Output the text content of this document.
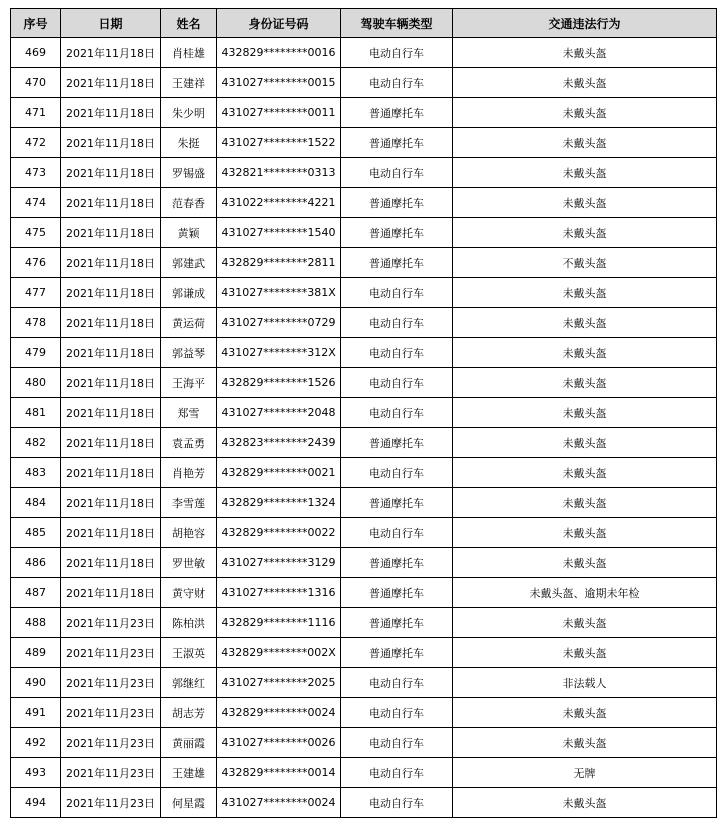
序号	日期	姓名	身份证号码	驾驶车辆类型	交通违法行为
469	2021年11月18日	肖桂雄	432829********0016	电动自行车	未戴头盔
470	2021年11月18日	王建祥	431027********0015	电动自行车	未戴头盔
471	2021年11月18日	朱少明	431027********0011	普通摩托车	未戴头盔
472	2021年11月18日	朱挺	431027********1522	普通摩托车	未戴头盔
473	2021年11月18日	罗锡盛	432821********0313	电动自行车	未戴头盔
474	2021年11月18日	范春香	431022********4221	普通摩托车	未戴头盔
475	2021年11月18日	黄颖	431027********1540	普通摩托车	未戴头盔
476	2021年11月18日	郭建武	432829********2811	普通摩托车	不戴头盔
477	2021年11月18日	郭谦成	431027********381X	电动自行车	未戴头盔
478	2021年11月18日	黄运荷	431027********0729	电动自行车	未戴头盔
479	2021年11月18日	郭益琴	431027********312X	电动自行车	未戴头盔
480	2021年11月18日	王海平	432829********1526	电动自行车	未戴头盔
481	2021年11月18日	郑雪	431027********2048	电动自行车	未戴头盔
482	2021年11月18日	袁孟勇	432823********2439	普通摩托车	未戴头盔
483	2021年11月18日	肖艳芳	432829********0021	电动自行车	未戴头盔
484	2021年11月18日	李雪莲	432829********1324	普通摩托车	未戴头盔
485	2021年11月18日	胡艳容	432829********0022	电动自行车	未戴头盔
486	2021年11月18日	罗世敏	431027********3129	普通摩托车	未戴头盔
487	2021年11月18日	黄守财	431027********1316	普通摩托车	未戴头盔、逾期未年检
488	2021年11月23日	陈柏洪	432829********1116	普通摩托车	未戴头盔
489	2021年11月23日	王淑英	432829********002X	普通摩托车	未戴头盔
490	2021年11月23日	郭继红	431027********2025	电动自行车	非法载人
491	2021年11月23日	胡志芳	432829********0024	电动自行车	未戴头盔
492	2021年11月23日	黄丽霞	431027********0026	电动自行车	未戴头盔
493	2021年11月23日	王建雄	432829********0014	电动自行车	无牌
494	2021年11月23日	何星霞	431027********0024	电动自行车	未戴头盔
